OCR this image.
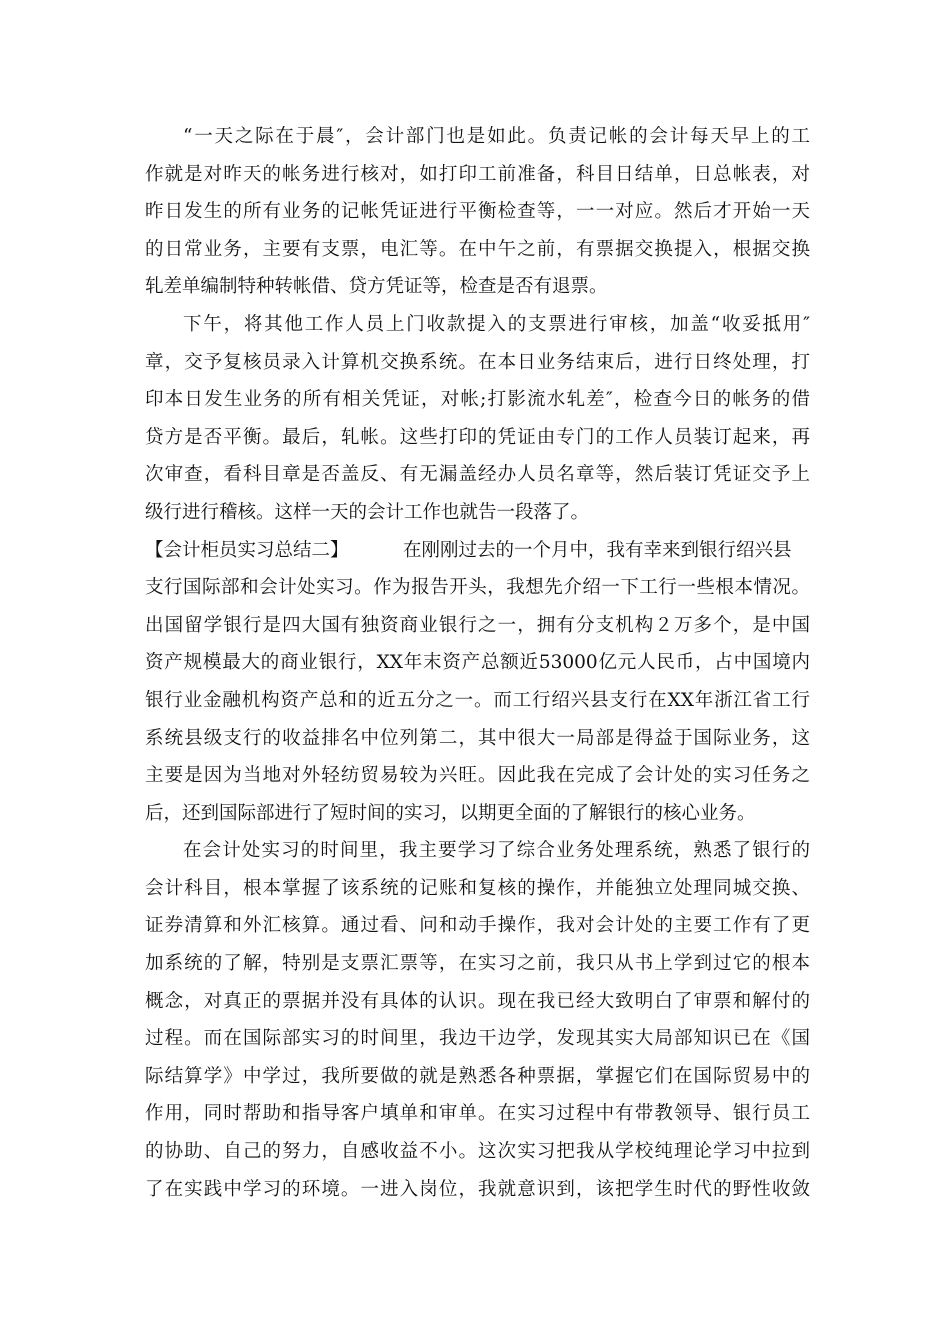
“一天之际在于晨″，会计部门也是如此。负责记帐的会计每天早上的工
作就是对昨天的帐务进行核对，如打印工前准备，科目日结单，日总帐表，对
昨日发生的所有业务的记帐凭证进行平衡检查等，一一对应。然后才开始一天
的日常业务，主要有支票，电汇等。在中午之前，有票据交换提入，根据交换
轧差单编制特种转帐借、贷方凭证等，检查是否有退票。
下午，将其他工作人员上门收款提入的支票进行审核，加盖“收妥抵用″
章，交予复核员录入计算机交换系统。在本日业务结束后，进行日终处理，打
印本日发生业务的所有相关凭证，对帐;打影流水轧差″，检查今日的帐务的借
贷方是否平衡。最后，轧帐。这些打印的凭证由专门的工作人员装订起来，再
次审查，看科目章是否盖反、有无漏盖经办人员名章等，然后装订凭证交予上
级行进行稽核。这样一天的会计工作也就告一段落了。
【会计柜员实习总结二】	在刚刚过去的一个月中，我有幸来到银行绍兴县
支行国际部和会计处实习。作为报告开头，我想先介绍一下工行一些根本情况。
出国留学银行是四大国有独资商业银行之一，拥有分支机构２万多个，是中国
资产规模最大的商业银行，XX年末资产总额近53000亿元人民币，占中国境内
银行业金融机构资产总和的近五分之一。而工行绍兴县支行在XX年浙江省工行
系统县级支行的收益排名中位列第二，其中很大一局部是得益于国际业务，这
主要是因为当地对外轻纺贸易较为兴旺。因此我在完成了会计处的实习任务之
后，还到国际部进行了短时间的实习，以期更全面的了解银行的核心业务。
在会计处实习的时间里，我主要学习了综合业务处理系统，熟悉了银行的
会计科目，根本掌握了该系统的记账和复核的操作，并能独立处理同城交换、
证券清算和外汇核算。通过看、问和动手操作，我对会计处的主要工作有了更
加系统的了解，特别是支票汇票等，在实习之前，我只从书上学到过它的根本
概念，对真正的票据并没有具体的认识。现在我已经大致明白了审票和解付的
过程。而在国际部实习的时间里，我边干边学，发现其实大局部知识已在《国
际结算学》中学过，我所要做的就是熟悉各种票据，掌握它们在国际贸易中的
作用，同时帮助和指导客户填单和审单。在实习过程中有带教领导、银行员工
的协助、自己的努力，自感收益不小。这次实习把我从学校纯理论学习中拉到
了在实践中学习的环境。一进入岗位，我就意识到，该把学生时代的野性收敛
